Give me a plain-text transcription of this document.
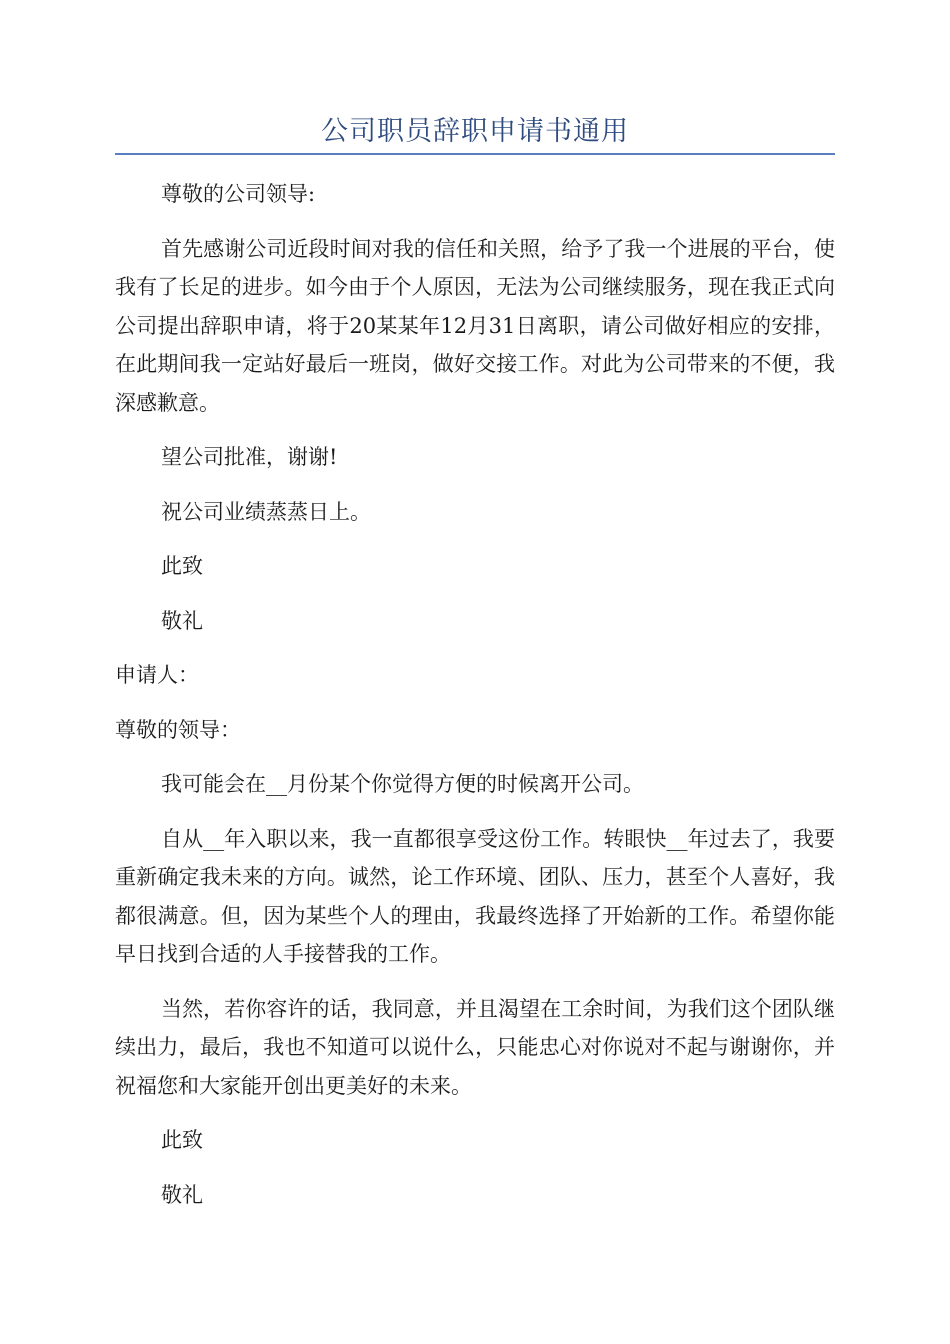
公司职员辞职申请书通用

尊敬的公司领导:

首先感谢公司近段时间对我的信任和关照，给予了我一个进展的平台，使我有了长足的进步。如今由于个人原因，无法为公司继续服务，现在我正式向公司提出辞职申请，将于20某某年12月31日离职，请公司做好相应的安排，在此期间我一定站好最后一班岗，做好交接工作。对此为公司带来的不便，我深感歉意。

望公司批准，谢谢!

祝公司业绩蒸蒸日上。

此致

敬礼

申请人：

尊敬的领导：

我可能会在__月份某个你觉得方便的时候离开公司。

自从__年入职以来，我一直都很享受这份工作。转眼快__年过去了，我要重新确定我未来的方向。诚然，论工作环境、团队、压力，甚至个人喜好，我都很满意。但，因为某些个人的理由，我最终选择了开始新的工作。希望你能早日找到合适的人手接替我的工作。

当然，若你容许的话，我同意，并且渴望在工余时间，为我们这个团队继续出力，最后，我也不知道可以说什么，只能忠心对你说对不起与谢谢你，并祝福您和大家能开创出更美好的未来。

此致

敬礼
